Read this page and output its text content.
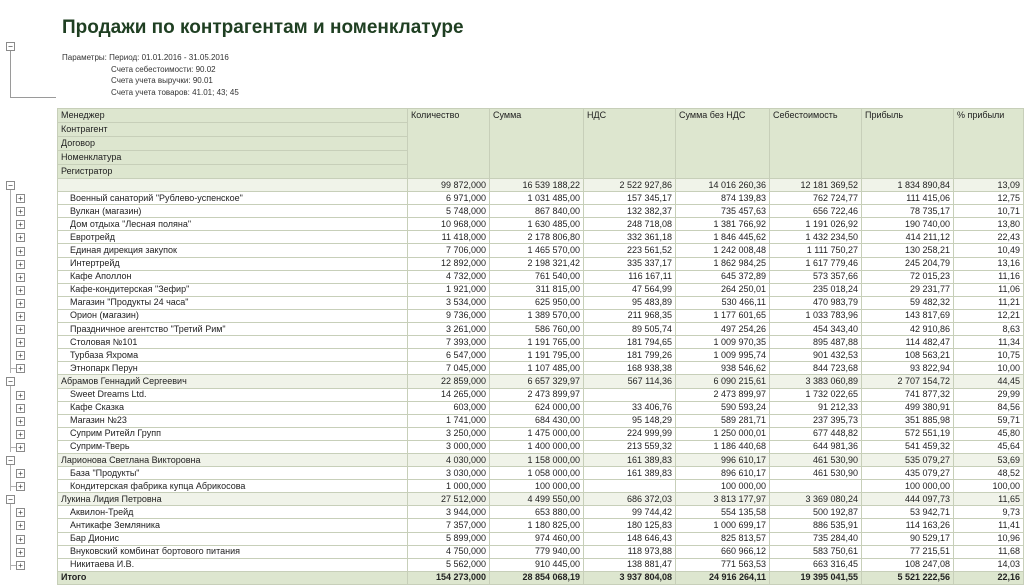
−
Продажи по контрагентам и номенклатуре
Параметры: Период: 01.01.2016 - 31.05.2016
Счета себестоимости: 90.02
Счета учета выручки: 90.01
Счета учета товаров: 41.01; 43; 45
−
+
+
+
+
+
+
+
+
+
+
+
+
+
+
−
+
+
+
+
+
−
+
+
−
+
+
+
+
+
Менеджер	Количество	Сумма	НДС	Сумма без НДС	Себестоимость	Прибыль	% прибыли
Контрагент							
Договор							
Номенклатура							
Регистратор							
	99 872,000	16 539 188,22	2 522 927,86	14 016 260,36	12 181 369,52	1 834 890,84	13,09
Военный санаторий "Рублево-успенское"	6 971,000	1 031 485,00	157 345,17	874 139,83	762 724,77	111 415,06	12,75
Вулкан (магазин)	5 748,000	867 840,00	132 382,37	735 457,63	656 722,46	78 735,17	10,71
Дом отдыха "Лесная поляна"	10 968,000	1 630 485,00	248 718,08	1 381 766,92	1 191 026,92	190 740,00	13,80
Евротрейд	11 418,000	2 178 806,80	332 361,18	1 846 445,62	1 432 234,50	414 211,12	22,43
Единая дирекция закупок	7 706,000	1 465 570,00	223 561,52	1 242 008,48	1 111 750,27	130 258,21	10,49
Интертрейд	12 892,000	2 198 321,42	335 337,17	1 862 984,25	1 617 779,46	245 204,79	13,16
Кафе Аполлон	4 732,000	761 540,00	116 167,11	645 372,89	573 357,66	72 015,23	11,16
Кафе-кондитерская "Зефир"	1 921,000	311 815,00	47 564,99	264 250,01	235 018,24	29 231,77	11,06
Магазин "Продукты 24 часа"	3 534,000	625 950,00	95 483,89	530 466,11	470 983,79	59 482,32	11,21
Орион (магазин)	9 736,000	1 389 570,00	211 968,35	1 177 601,65	1 033 783,96	143 817,69	12,21
Праздничное агентство "Третий Рим"	3 261,000	586 760,00	89 505,74	497 254,26	454 343,40	42 910,86	8,63
Столовая №101	7 393,000	1 191 765,00	181 794,65	1 009 970,35	895 487,88	114 482,47	11,34
Турбаза Яхрома	6 547,000	1 191 795,00	181 799,26	1 009 995,74	901 432,53	108 563,21	10,75
Этнопарк Перун	7 045,000	1 107 485,00	168 938,38	938 546,62	844 723,68	93 822,94	10,00
Абрамов Геннадий Сергеевич	22 859,000	6 657 329,97	567 114,36	6 090 215,61	3 383 060,89	2 707 154,72	44,45
Sweet Dreams Ltd.	14 265,000	2 473 899,97		2 473 899,97	1 732 022,65	741 877,32	29,99
Кафе Сказка	603,000	624 000,00	33 406,76	590 593,24	91 212,33	499 380,91	84,56
Магазин №23	1 741,000	684 430,00	95 148,29	589 281,71	237 395,73	351 885,98	59,71
Суприм Ритейл Групп	3 250,000	1 475 000,00	224 999,99	1 250 000,01	677 448,82	572 551,19	45,80
Суприм-Тверь	3 000,000	1 400 000,00	213 559,32	1 186 440,68	644 981,36	541 459,32	45,64
Ларионова Светлана Викторовна	4 030,000	1 158 000,00	161 389,83	996 610,17	461 530,90	535 079,27	53,69
База "Продукты"	3 030,000	1 058 000,00	161 389,83	896 610,17	461 530,90	435 079,27	48,52
Кондитерская фабрика купца Абрикосова	1 000,000	100 000,00		100 000,00		100 000,00	100,00
Лукина Лидия Петровна	27 512,000	4 499 550,00	686 372,03	3 813 177,97	3 369 080,24	444 097,73	11,65
Аквилон-Трейд	3 944,000	653 880,00	99 744,42	554 135,58	500 192,87	53 942,71	9,73
Антикафе Земляника	7 357,000	1 180 825,00	180 125,83	1 000 699,17	886 535,91	114 163,26	11,41
Бар Дионис	5 899,000	974 460,00	148 646,43	825 813,57	735 284,40	90 529,17	10,96
Внуковский комбинат бортового питания	4 750,000	779 940,00	118 973,88	660 966,12	583 750,61	77 215,51	11,68
Никитаева И.В.	5 562,000	910 445,00	138 881,47	771 563,53	663 316,45	108 247,08	14,03
Итого	154 273,000	28 854 068,19	3 937 804,08	24 916 264,11	19 395 041,55	5 521 222,56	22,16
